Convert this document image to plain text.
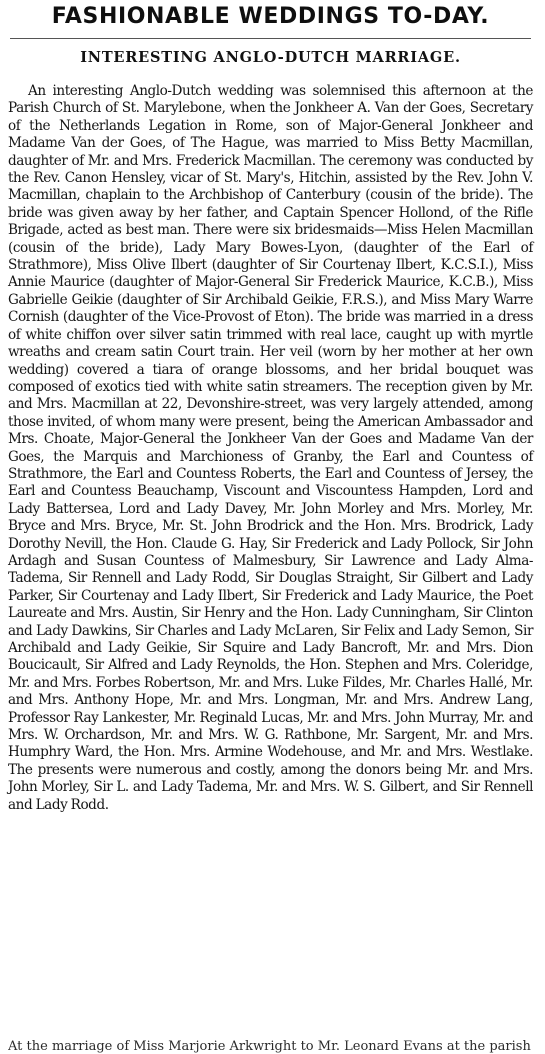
FASHIONABLE WEDDINGS TO-DAY.
INTERESTING ANGLO-DUTCH MARRIAGE.

An interesting Anglo-Dutch wedding was solemnised this afternoon at the Parish Church of St. Marylebone, when the Jonkheer A. Van der Goes, Secretary of the Netherlands Legation in Rome, son of Major-General Jonkheer and Madame Van der Goes, of The Hague, was married to Miss Betty Macmillan, daughter of Mr. and Mrs. Frederick Macmillan. The ceremony was conducted by the Rev. Canon Hensley, vicar of St. Mary's, Hitchin, assisted by the Rev. John V. Macmillan, chaplain to the Archbishop of Canterbury (cousin of the bride). The bride was given away by her father, and Captain Spencer Hollond, of the Rifle Brigade, acted as best man. There were six bridesmaids—Miss Helen Macmillan (cousin of the bride), Lady Mary Bowes-Lyon, (daughter of the Earl of Strathmore), Miss Olive Ilbert (daughter of Sir Courtenay Ilbert, K.C.S.I.), Miss Annie Maurice (daughter of Major-General Sir Frederick Maurice, K.C.B.), Miss Gabrielle Geikie (daughter of Sir Archibald Geikie, F.R.S.), and Miss Mary Warre Cornish (daughter of the Vice-Provost of Eton). The bride was married in a dress of white chiffon over silver satin trimmed with real lace, caught up with myrtle wreaths and cream satin Court train. Her veil (worn by her mother at her own wedding) covered a tiara of orange blossoms, and her bridal bouquet was composed of exotics tied with white satin streamers. The reception given by Mr. and Mrs. Macmillan at 22, Devonshire-street, was very largely attended, among those invited, of whom many were present, being the American Ambassador and Mrs. Choate, Major-General the Jonkheer Van der Goes and Madame Van der Goes, the Marquis and Marchioness of Granby, the Earl and Countess of Strathmore, the Earl and Countess Roberts, the Earl and Countess of Jersey, the Earl and Countess Beauchamp, Viscount and Viscountess Hampden, Lord and Lady Battersea, Lord and Lady Davey, Mr. John Morley and Mrs. Morley, Mr. Bryce and Mrs. Bryce, Mr. St. John Brodrick and the Hon. Mrs. Brodrick, Lady Dorothy Nevill, the Hon. Claude G. Hay, Sir Frederick and Lady Pollock, Sir John Ardagh and Susan Countess of Malmesbury, Sir Lawrence and Lady Alma-Tadema, Sir Rennell and Lady Rodd, Sir Douglas Straight, Sir Gilbert and Lady Parker, Sir Courtenay and Lady Ilbert, Sir Frederick and Lady Maurice, the Poet Laureate and Mrs. Austin, Sir Henry and the Hon. Lady Cunningham, Sir Clinton and Lady Dawkins, Sir Charles and Lady McLaren, Sir Felix and Lady Semon, Sir Archibald and Lady Geikie, Sir Squire and Lady Bancroft, Mr. and Mrs. Dion Boucicault, Sir Alfred and Lady Reynolds, the Hon. Stephen and Mrs. Coleridge, Mr. and Mrs. Forbes Robertson, Mr. and Mrs. Luke Fildes, Mr. Charles Hallé, Mr. and Mrs. Anthony Hope, Mr. and Mrs. Longman, Mr. and Mrs. Andrew Lang, Professor Ray Lankester, Mr. Reginald Lucas, Mr. and Mrs. John Murray, Mr. and Mrs. W. Orchardson, Mr. and Mrs. W. G. Rathbone, Mr. Sargent, Mr. and Mrs. Humphry Ward, the Hon. Mrs. Armine Wodehouse, and Mr. and Mrs. Westlake. The presents were numerous and costly, among the donors being Mr. and Mrs. John Morley, Sir L. and Lady Tadema, Mr. and Mrs. W. S. Gilbert, and Sir Rennell and Lady Rodd.

At the marriage of Miss Marjorie Arkwright to Mr. Leonard Evans at the parish
